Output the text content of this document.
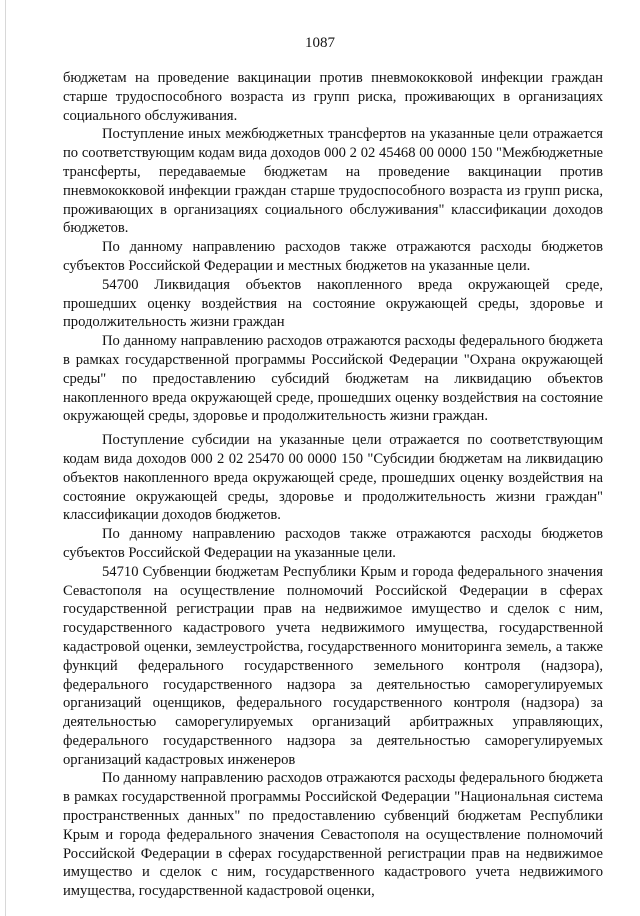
1087

бюджетам на проведение вакцинации против пневмококковой инфекции граждан старше трудоспособного возраста из групп риска, проживающих в организациях социального обслуживания.

Поступление иных межбюджетных трансфертов на указанные цели отражается по соответствующим кодам вида доходов 000 2 02 45468 00 0000 150 "Межбюджетные трансферты, передаваемые бюджетам на проведение вакцинации против пневмококковой инфекции граждан старше трудоспособного возраста из групп риска, проживающих в организациях социального обслуживания" классификации доходов бюджетов.

По данному направлению расходов также отражаются расходы бюджетов субъектов Российской Федерации и местных бюджетов на указанные цели.

54700 Ликвидация объектов накопленного вреда окружающей среде, прошедших оценку воздействия на состояние окружающей среды, здоровье и продолжительность жизни граждан

По данному направлению расходов отражаются расходы федерального бюджета в рамках государственной программы Российской Федерации "Охрана окружающей среды" по предоставлению субсидий бюджетам на ликвидацию объектов накопленного вреда окружающей среде, прошедших оценку воздействия на состояние окружающей среды, здоровье и продолжительность жизни граждан.

Поступление субсидии на указанные цели отражается по соответствующим кодам вида доходов 000 2 02 25470 00 0000 150 "Субсидии бюджетам на ликвидацию объектов накопленного вреда окружающей среде, прошедших оценку воздействия на состояние окружающей среды, здоровье и продолжительность жизни граждан" классификации доходов бюджетов.

По данному направлению расходов также отражаются расходы бюджетов субъектов Российской Федерации на указанные цели.

54710 Субвенции бюджетам Республики Крым и города федерального значения Севастополя на осуществление полномочий Российской Федерации в сферах государственной регистрации прав на недвижимое имущество и сделок с ним, государственного кадастрового учета недвижимого имущества, государственной кадастровой оценки, землеустройства, государственного мониторинга земель, а также функций федерального государственного земельного контроля (надзора), федерального государственного надзора за деятельностью саморегулируемых организаций оценщиков, федерального государственного контроля (надзора) за деятельностью саморегулируемых организаций арбитражных управляющих, федерального государственного надзора за деятельностью саморегулируемых организаций кадастровых инженеров

По данному направлению расходов отражаются расходы федерального бюджета в рамках государственной программы Российской Федерации "Национальная система пространственных данных" по предоставлению субвенций бюджетам Республики Крым и города федерального значения Севастополя на осуществление полномочий Российской Федерации в сферах государственной регистрации прав на недвижимое имущество и сделок с ним, государственного кадастрового учета недвижимого имущества, государственной кадастровой оценки,
